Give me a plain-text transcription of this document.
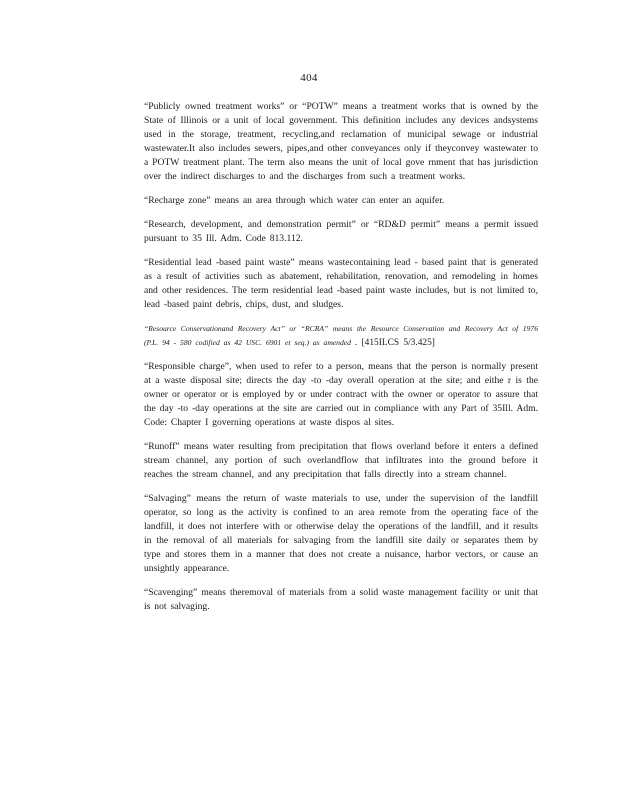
404

“Publicly owned treatment works” or “POTW” means a treatment works that is owned by the State of Illinois or a unit of local government. This definition includes any devices andsystems used in the storage, treatment, recycling,and reclamation of municipal sewage or industrial wastewater.It also includes sewers, pipes,and other conveyances only if theyconvey wastewater to a POTW treatment plant. The term also means the unit of local gove rnment that has jurisdiction over the indirect discharges to and the discharges from such a treatment works.

“Recharge zone” means an area through which water can enter an aquifer.

“Research, development, and demonstration permit” or “RD&D permit” means a permit issued pursuant to 35 Ill. Adm. Code 813.112.

“Residential lead -based paint waste” means wastecontaining lead - based paint that is generated as a result of activities such as abatement, rehabilitation, renovation, and remodeling in homes and other residences. The term residential lead -based paint waste includes, but is not limited to, lead -based paint debris, chips, dust, and sludges.

“Resource Conservationand Recovery Act” or “RCRA” means the Resource Conservation and Recovery Act of 1976 (P.L. 94 - 580 codified as 42 USC. 6901 et seq.) as amended . [415ILCS 5/3.425]

“Responsible charge”, when used to refer to a person, means that the person is normally present at a waste disposal site; directs the day -to -day overall operation at the site; and eithe r is the owner or operator or is employed by or under contract with the owner or operator to assure that the day -to -day operations at the site are carried out in compliance with any Part of 35Ill. Adm. Code: Chapter I governing operations at waste dispos al sites.

“Runoff” means water resulting from precipitation that flows overland before it enters a defined stream channel, any portion of such overlandflow that infiltrates into the ground before it reaches the stream channel, and any precipitation that falls directly into a stream channel.

“Salvaging” means the return of waste materials to use, under the supervision of the landfill operator, so long as the activity is confined to an area remote from the operating face of the landfill, it does not interfere with or otherwise delay the operations of the landfill, and it results in the removal of all materials for salvaging from the landfill site daily or separates them by type and stores them in a manner that does not create a nuisance, harbor vectors, or cause an unsightly appearance.

“Scavenging” means theremoval of materials from a solid waste management facility or unit that is not salvaging.
